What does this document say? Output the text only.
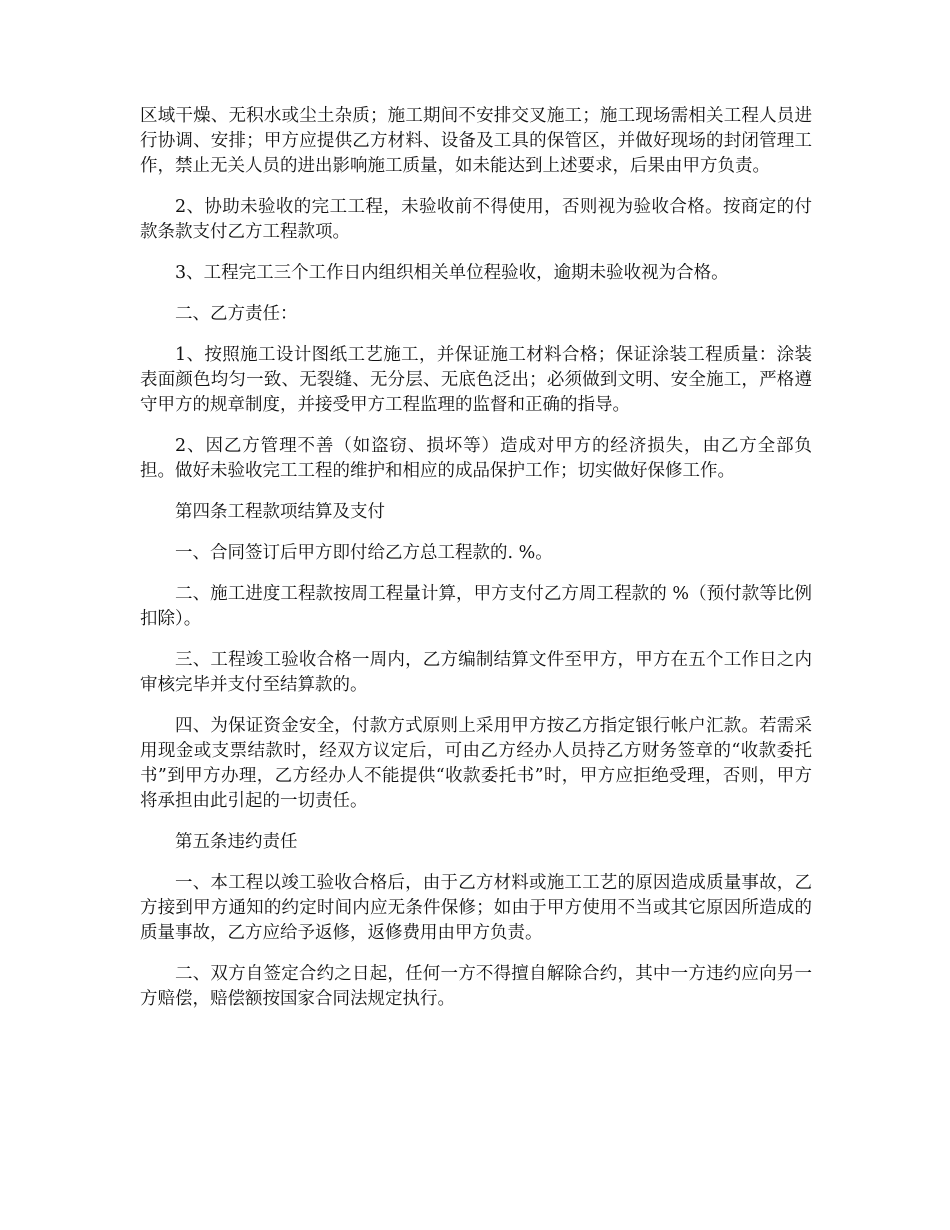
区域干燥、无积水或尘土杂质；施工期间不安排交叉施工；施工现场需相关工程人员进行协调、安排；甲方应提供乙方材料、设备及工具的保管区，并做好现场的封闭管理工作，禁止无关人员的进出影响施工质量，如未能达到上述要求，后果由甲方负责。

2、协助未验收的完工工程，未验收前不得使用，否则视为验收合格。按商定的付款条款支付乙方工程款项。

3、工程完工三个工作日内组织相关单位程验收，逾期未验收视为合格。

二、乙方责任：

1、按照施工设计图纸工艺施工，并保证施工材料合格；保证涂装工程质量：涂装表面颜色均匀一致、无裂缝、无分层、无底色泛出；必须做到文明、安全施工，严格遵守甲方的规章制度，并接受甲方工程监理的监督和正确的指导。

2、因乙方管理不善（如盗窃、损坏等）造成对甲方的经济损失，由乙方全部负担。做好未验收完工工程的维护和相应的成品保护工作；切实做好保修工作。

第四条工程款项结算及支付

一、合同签订后甲方即付给乙方总工程款的. %。

二、施工进度工程款按周工程量计算，甲方支付乙方周工程款的 %（预付款等比例扣除）。

三、工程竣工验收合格一周内，乙方编制结算文件至甲方，甲方在五个工作日之内审核完毕并支付至结算款的。

四、为保证资金安全，付款方式原则上采用甲方按乙方指定银行帐户汇款。若需采用现金或支票结款时，经双方议定后，可由乙方经办人员持乙方财务签章的“收款委托书”到甲方办理，乙方经办人不能提供“收款委托书”时，甲方应拒绝受理，否则，甲方将承担由此引起的一切责任。

第五条违约责任

一、本工程以竣工验收合格后，由于乙方材料或施工工艺的原因造成质量事故，乙方接到甲方通知的约定时间内应无条件保修；如由于甲方使用不当或其它原因所造成的质量事故，乙方应给予返修，返修费用由甲方负责。

二、双方自签定合约之日起，任何一方不得擅自解除合约，其中一方违约应向另一方赔偿，赔偿额按国家合同法规定执行。
